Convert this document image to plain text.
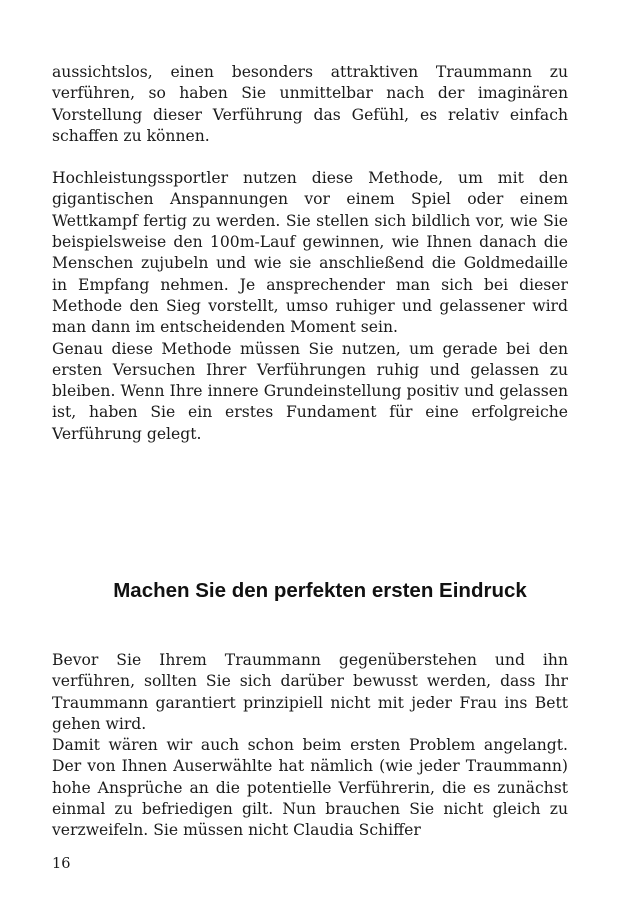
aussichtslos, einen besonders attraktiven Traummann zu verführen, so haben Sie unmittelbar nach der imaginären Vorstellung dieser Verführung das Gefühl, es relativ einfach schaffen zu können.

Hochleistungssportler nutzen diese Methode, um mit den gigantischen Anspannungen vor einem Spiel oder einem Wettkampf fertig zu werden. Sie stellen sich bildlich vor, wie Sie beispielsweise den 100m-Lauf gewinnen, wie Ihnen danach die Menschen zujubeln und wie sie anschließend die Goldmedaille in Empfang nehmen. Je ansprechender man sich bei dieser Methode den Sieg vorstellt, umso ruhiger und gelassener wird man dann im entscheidenden Moment sein.

Genau diese Methode müssen Sie nutzen, um gerade bei den ersten Versuchen Ihrer Verführungen ruhig und gelassen zu bleiben. Wenn Ihre innere Grundeinstellung positiv und gelassen ist, haben Sie ein erstes Fundament für eine erfolgreiche Verführung gelegt.

Machen Sie den perfekten ersten Eindruck

Bevor Sie Ihrem Traummann gegenüberstehen und ihn verführen, sollten Sie sich darüber bewusst werden, dass Ihr Traummann garantiert prinzipiell nicht mit jeder Frau ins Bett gehen wird.

Damit wären wir auch schon beim ersten Problem angelangt. Der von Ihnen Auserwählte hat nämlich (wie jeder Traummann) hohe Ansprüche an die potentielle Verführerin, die es zunächst einmal zu befriedigen gilt. Nun brauchen Sie nicht gleich zu verzweifeln. Sie müssen nicht Claudia Schiffer

16
